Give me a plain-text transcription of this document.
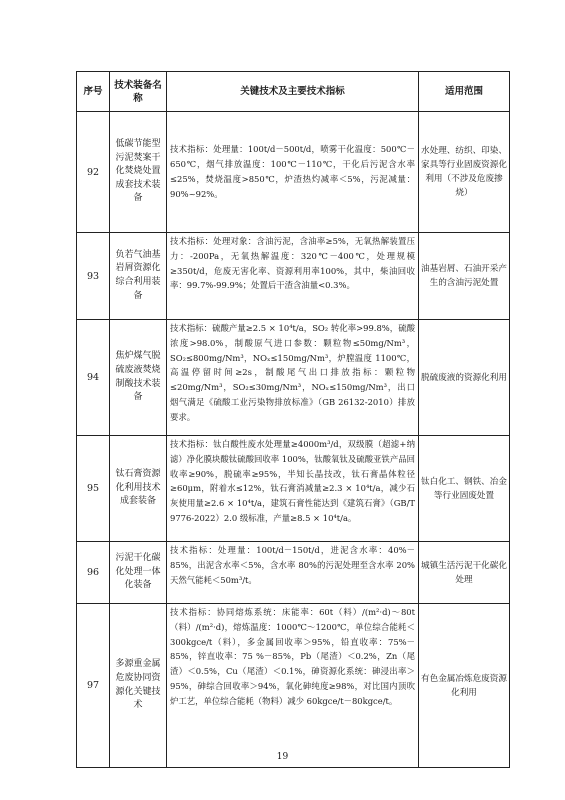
序号	技术装备名称	关键技术及主要技术指标	适用范围
92	低碳节能型污泥焚案干化焚烧处置成套技术装备	技术指标：处理量：100t/d－500t/d，喷雾干化温度：500℃－650℃，烟气排放温度：100℃－110℃，干化后污泥含水率≤25%，焚烧温度>850℃，炉渣热灼减率＜5%，污泥减量：90%~92%。	水处理、纺织、印染、家具等行业固废资源化利用（不涉及危废掺烧）
93	负若气油基岩屑资源化综合利用装备	技术指标：处理对象：含油污泥，含油率≥5%，无氧热解装置压力：-200Pa，无氧热解温度：320℃－400℃，处理规模≥350t/d，危废无害化率、资源利用率100%，其中，柴油回收率：99.7%-99.9%；处置后干渣含油量<0.3%。	油基岩屑、石油开采产生的含油污泥处置
94	焦炉煤气脱硫废液焚烧制酸技术装备	技术指标：硫酸产量≥2.5 × 10⁴t/a，SO₂ 转化率>99.8%，硫酸浓度>98.0%，制酸原气进口参数：颗粒物≤50mg/Nm³，SO₂≤800mg/Nm³，NOₓ≤150mg/Nm³，炉膛温度 1100℃，高温停留时间≥2s，制酸尾气出口排放指标：颗粒物≤20mg/Nm³，SO₂≤30mg/Nm³，NOₓ≤150mg/Nm³，出口烟气满足《硫酸工业污染物排放标准》（GB 26132-2010）排放要求。	脱硫废液的资源化利用
95	钛石膏资源化利用技术成套装备	技术指标：钛白酸性废水处理量≥4000m³/d，双级膜（超滤+纳滤）净化膜块酸钛硫酸回收率 100%，钛酸氧钛及硫酸亚铁产品回收率≥90%，脱硫率≥95%，半知长晶技改，钛石膏晶体粒径≥60μm，附着水≤12%，钛石膏消减量≥2.3 × 10⁴t/a，减少石灰使用量≥2.6 × 10⁴t/a，建筑石膏性能达到《建筑石膏》（GB/T 9776-2022）2.0 级标准，产量≥8.5 × 10⁴t/a。	钛白化工、钢铁、冶金等行业固废处置
96	污泥干化碳化处理一体化装备	技术指标：处理量：100t/d－150t/d，进泥含水率：40%－85%，出泥含水率＜5%，含水率 80%的污泥处理至含水率 20%天然气能耗＜50m³/t。	城镇生活污泥干化碳化处理
97	多源重金属危废协同资源化关键技术	技术指标：协同熔炼系统：床能率：60t（料）/(m²·d)～80t（料）/(m²·d)，熔炼温度：1000℃～1200℃，单位综合能耗＜300kgce/t（料），多金属回收率＞95%，铅直收率：75%－85%，锌直收率：75 %－85%，Pb（尾渣）＜0.2%，Zn（尾渣）＜0.5%，Cu（尾渣）＜0.1%，砷资源化系统：砷浸出率＞95%，砷综合回收率＞94%，氧化砷纯度≥98%，对比国内顶吹炉工艺，单位综合能耗（物料）减少 60kgce/t－80kgce/t。	有色金属冶炼危废资源化利用
19
